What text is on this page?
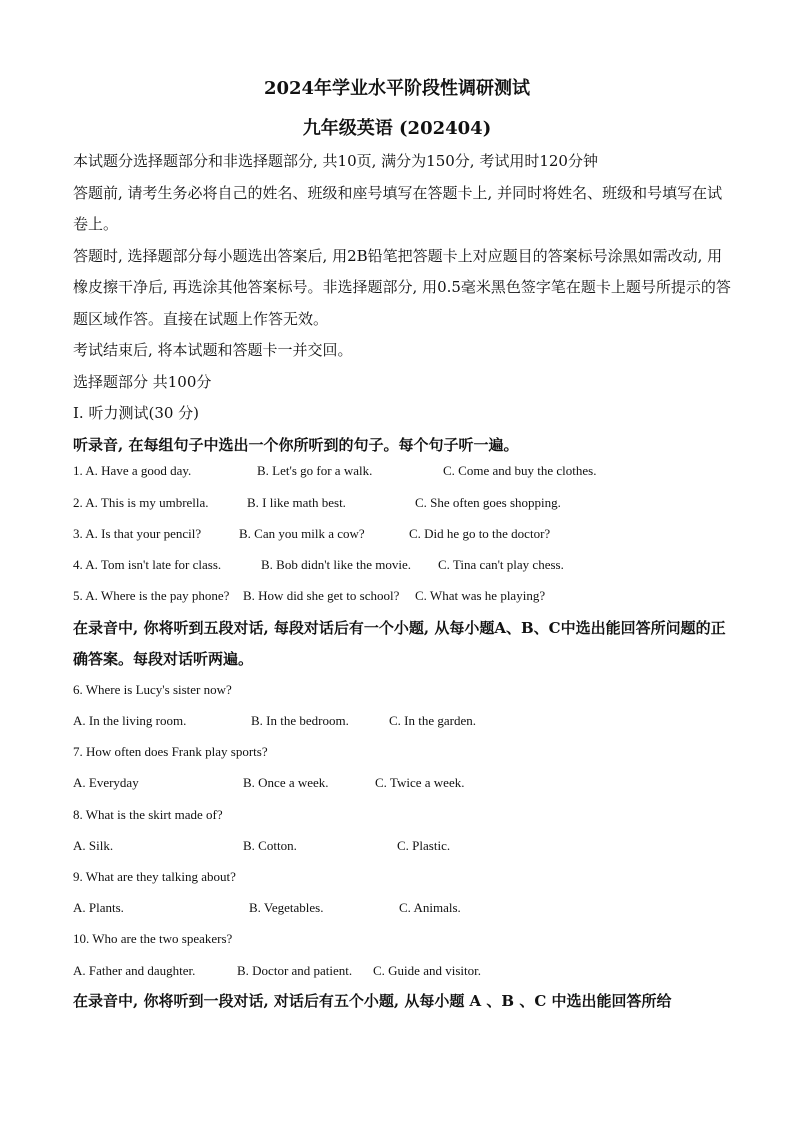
2024年学业水平阶段性调研测试
九年级英语 (202404)

本试题分选择题部分和非选择题部分, 共10页, 满分为150分, 考试用时120分钟

答题前, 请考生务必将自己的姓名、班级和座号填写在答题卡上, 并同时将姓名、班级和号填写在试卷上。

答题时, 选择题部分每小题选出答案后, 用2B铅笔把答题卡上对应题目的答案标号涂黑如需改动, 用橡皮擦干净后, 再选涂其他答案标号。非选择题部分, 用0.5毫米黑色签字笔在题卡上题号所提示的答题区域作答。直接在试题上作答无效。

考试结束后, 将本试题和答题卡一并交回。

选择题部分 共100分

I. 听力测试(30 分)

听录音, 在每组句子中选出一个你所听到的句子。每个句子听一遍。

1. A. Have a good day.	B. Let's go for a walk.	C. Come and buy the clothes.
2. A. This is my umbrella.	B. I like math best.	C. She often goes shopping.
3. A. Is that your pencil?	B. Can you milk a cow?	C. Did he go to the doctor?
4. A. Tom isn't late for class.	B. Bob didn't like the movie. C. Tina can't play chess.
5. A. Where is the pay phone? B. How did she get to school? C. What was he playing?

在录音中, 你将听到五段对话, 每段对话后有一个小题, 从每小题A、B、C中选出能回答所问题的正确答案。每段对话听两遍。

6. Where is Lucy's sister now?
A. In the living room.	B. In the bedroom.	C. In the garden.
7. How often does Frank play sports?
A. Everyday	B. Once a week.	C. Twice a week.
8. What is the skirt made of?
A. Silk.	B. Cotton.	C. Plastic.
9. What are they talking about?
A. Plants.	B. Vegetables.	C. Animals.
10. Who are the two speakers?
A. Father and daughter.	B. Doctor and patient. C. Guide and visitor.

在录音中, 你将听到一段对话, 对话后有五个小题, 从每小题 A 、B 、C 中选出能回答所给
